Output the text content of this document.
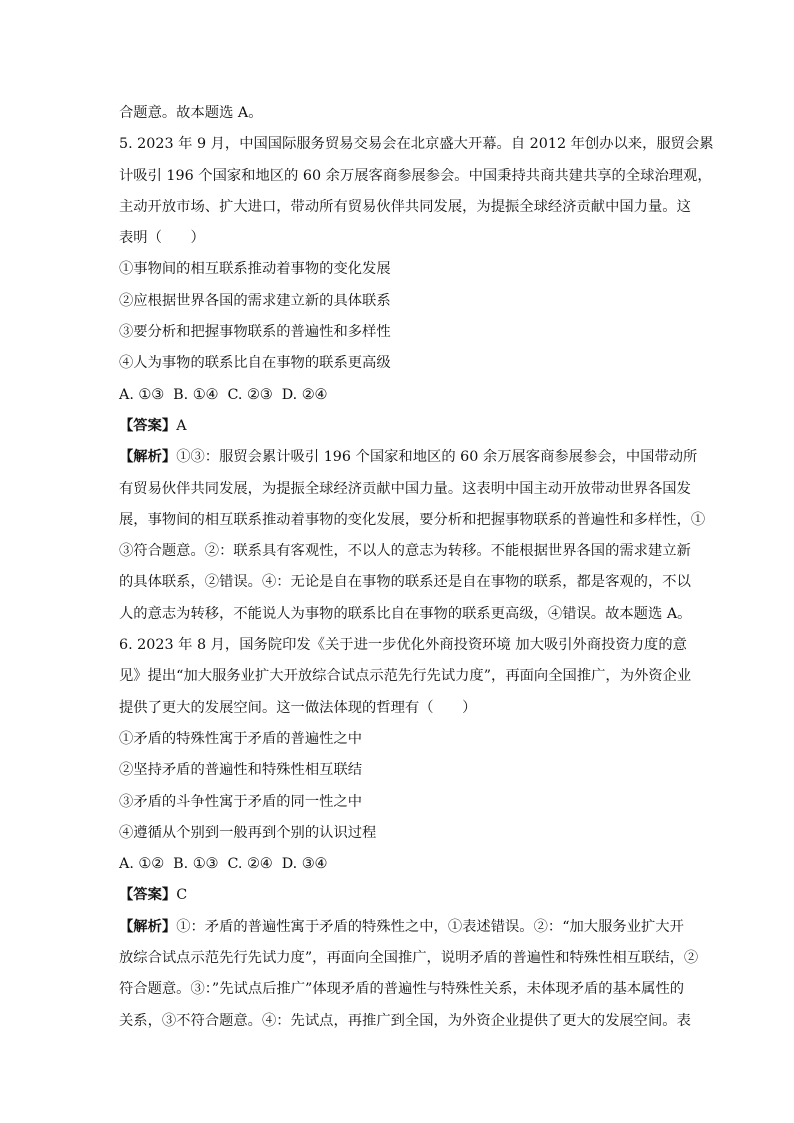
合题意。故本题选 A。
5. 2023 年 9 月，中国国际服务贸易交易会在北京盛大开幕。自 2012 年创办以来，服贸会累
计吸引 196 个国家和地区的 60 余万展客商参展参会。中国秉持共商共建共享的全球治理观，
主动开放市场、扩大进口，带动所有贸易伙伴共同发展，为提振全球经济贡献中国力量。这
表明（　　）
①事物间的相互联系推动着事物的变化发展
②应根据世界各国的需求建立新的具体联系
③要分析和把握事物联系的普遍性和多样性
④人为事物的联系比自在事物的联系更高级
A. ①③  B. ①④  C. ②③  D. ②④
【答案】A
【解析】①③：服贸会累计吸引 196 个国家和地区的 60 余万展客商参展参会，中国带动所
有贸易伙伴共同发展，为提振全球经济贡献中国力量。这表明中国主动开放带动世界各国发
展，事物间的相互联系推动着事物的变化发展，要分析和把握事物联系的普遍性和多样性，①
③符合题意。②：联系具有客观性，不以人的意志为转移。不能根据世界各国的需求建立新
的具体联系，②错误。④：无论是自在事物的联系还是自在事物的联系，都是客观的，不以
人的意志为转移，不能说人为事物的联系比自在事物的联系更高级，④错误。故本题选 A。
6. 2023 年 8 月，国务院印发《关于进一步优化外商投资环境 加大吸引外商投资力度的意
见》提出“加大服务业扩大开放综合试点示范先行先试力度”，再面向全国推广，为外资企业
提供了更大的发展空间。这一做法体现的哲理有（　　）
①矛盾的特殊性寓于矛盾的普遍性之中
②坚持矛盾的普遍性和特殊性相互联结
③矛盾的斗争性寓于矛盾的同一性之中
④遵循从个别到一般再到个别的认识过程
A. ①②  B. ①③  C. ②④  D. ③④
【答案】C
【解析】①：矛盾的普遍性寓于矛盾的特殊性之中，①表述错误。②：“加大服务业扩大开
放综合试点示范先行先试力度”，再面向全国推广，说明矛盾的普遍性和特殊性相互联结，②
符合题意。③：”先试点后推广”体现矛盾的普遍性与特殊性关系，未体现矛盾的基本属性的
关系，③不符合题意。④：先试点，再推广到全国，为外资企业提供了更大的发展空间。表
